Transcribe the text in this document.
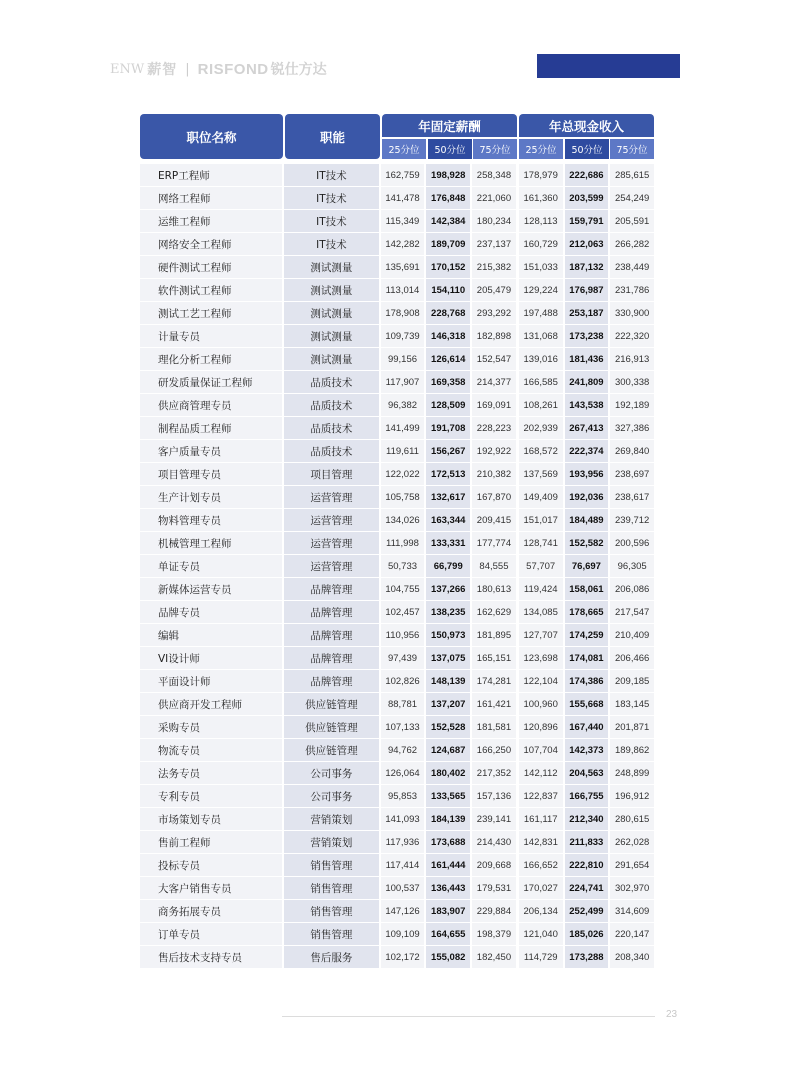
ENW 薪智 | RISFOND 锐仕方达
职位名称	职能
年固定薪酬	年总现金收入
25分位	50分位	75分位	25分位	50分位	75分位
ERP工程师	IT技术	162,759	198,928	258,348	178,979	222,686	285,615
网络工程师	IT技术	141,478	176,848	221,060	161,360	203,599	254,249
运维工程师	IT技术	115,349	142,384	180,234	128,113	159,791	205,591
网络安全工程师	IT技术	142,282	189,709	237,137	160,729	212,063	266,282
硬件测试工程师	测试测量	135,691	170,152	215,382	151,033	187,132	238,449
软件测试工程师	测试测量	113,014	154,110	205,479	129,224	176,987	231,786
测试工艺工程师	测试测量	178,908	228,768	293,292	197,488	253,187	330,900
计量专员	测试测量	109,739	146,318	182,898	131,068	173,238	222,320
理化分析工程师	测试测量	99,156	126,614	152,547	139,016	181,436	216,913
研发质量保证工程师	品质技术	117,907	169,358	214,377	166,585	241,809	300,338
供应商管理专员	品质技术	96,382	128,509	169,091	108,261	143,538	192,189
制程品质工程师	品质技术	141,499	191,708	228,223	202,939	267,413	327,386
客户质量专员	品质技术	119,611	156,267	192,922	168,572	222,374	269,840
项目管理专员	项目管理	122,022	172,513	210,382	137,569	193,956	238,697
生产计划专员	运营管理	105,758	132,617	167,870	149,409	192,036	238,617
物料管理专员	运营管理	134,026	163,344	209,415	151,017	184,489	239,712
机械管理工程师	运营管理	111,998	133,331	177,774	128,741	152,582	200,596
单证专员	运营管理	50,733	66,799	84,555	57,707	76,697	96,305
新媒体运营专员	品牌管理	104,755	137,266	180,613	119,424	158,061	206,086
品牌专员	品牌管理	102,457	138,235	162,629	134,085	178,665	217,547
编辑	品牌管理	110,956	150,973	181,895	127,707	174,259	210,409
VI设计师	品牌管理	97,439	137,075	165,151	123,698	174,081	206,466
平面设计师	品牌管理	102,826	148,139	174,281	122,104	174,386	209,185
供应商开发工程师	供应链管理	88,781	137,207	161,421	100,960	155,668	183,145
采购专员	供应链管理	107,133	152,528	181,581	120,896	167,440	201,871
物流专员	供应链管理	94,762	124,687	166,250	107,704	142,373	189,862
法务专员	公司事务	126,064	180,402	217,352	142,112	204,563	248,899
专利专员	公司事务	95,853	133,565	157,136	122,837	166,755	196,912
市场策划专员	营销策划	141,093	184,139	239,141	161,117	212,340	280,615
售前工程师	营销策划	117,936	173,688	214,430	142,831	211,833	262,028
投标专员	销售管理	117,414	161,444	209,668	166,652	222,810	291,654
大客户销售专员	销售管理	100,537	136,443	179,531	170,027	224,741	302,970
商务拓展专员	销售管理	147,126	183,907	229,884	206,134	252,499	314,609
订单专员	销售管理	109,109	164,655	198,379	121,040	185,026	220,147
售后技术支持专员	售后服务	102,172	155,082	182,450	114,729	173,288	208,340
23
